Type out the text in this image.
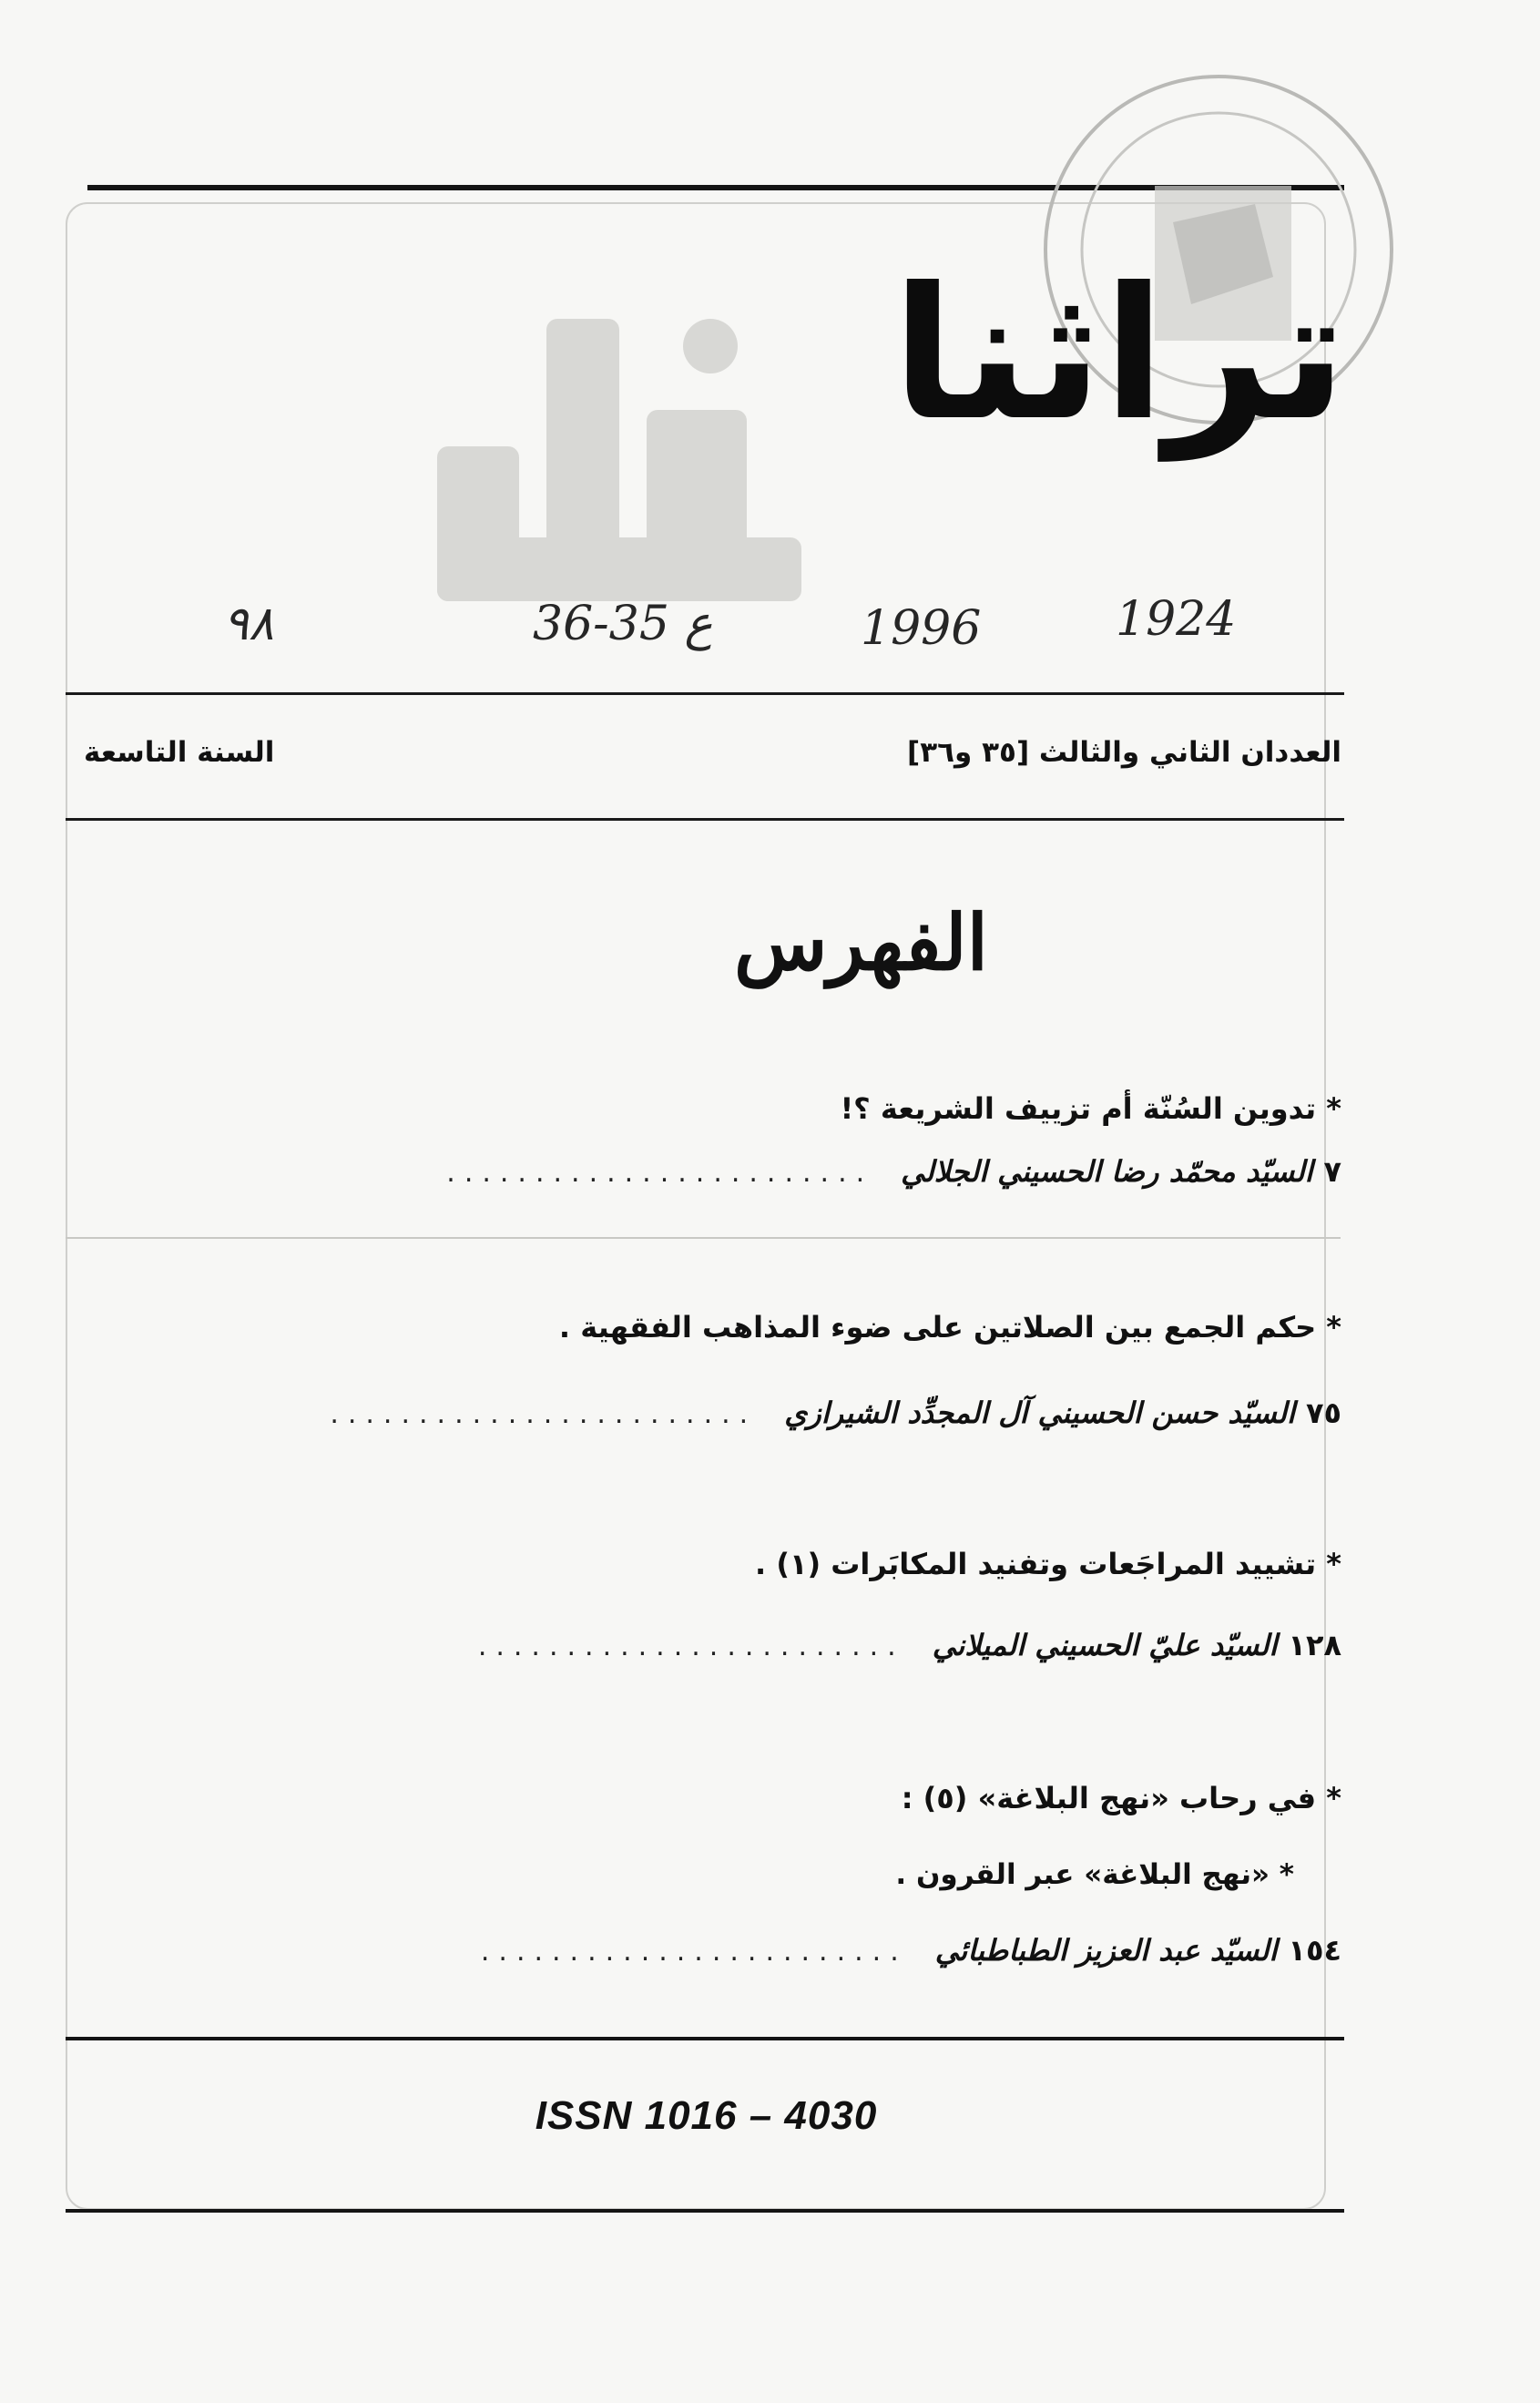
تراثنا
1924
1996
36-35 ع
٩٨
العددان الثاني والثالث [٣٥ و٣٦]
السنة التاسعة
الفهرس
* تدوين السُنّة أم تزييف الشريعة ؟!
٧
السيّد محمّد رضا الحسيني الجلالي
........................
* حكم الجمع بين الصلاتين على ضوء المذاهب الفقهية .
٧٥
السيّد حسن الحسيني آل المجدِّد الشيرازي
........................
* تشييد المراجَعات وتفنيد المكابَرات (١) .
١٢٨
السيّد عليّ الحسيني الميلاني
........................
* في رحاب «نهج البلاغة» (٥) :
* «نهج البلاغة» عبر القرون .
١٥٤
السيّد عبد العزيز الطباطبائي
........................
ISSN 1016 – 4030
